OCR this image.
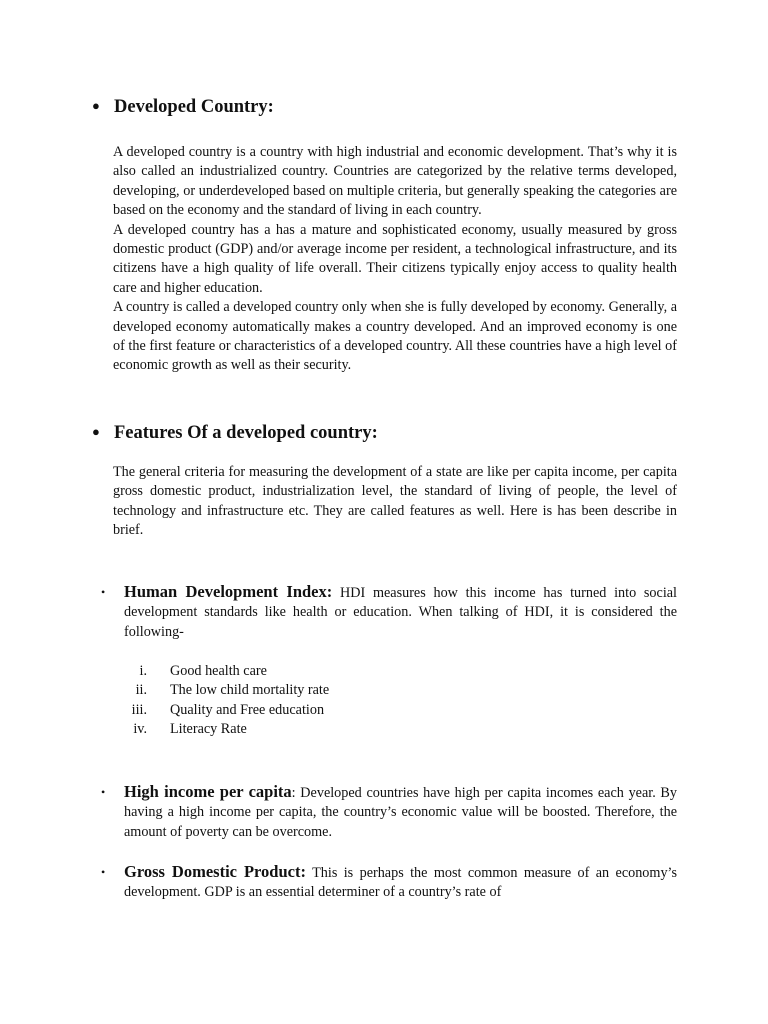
● Developed Country:

A developed country is a country with high industrial and economic development. That’s why it is also called an industrialized country. Countries are categorized by the relative terms developed, developing, or underdeveloped based on multiple criteria, but generally speaking the categories are based on the economy and the standard of living in each country.

A developed country has a has a mature and sophisticated economy, usually measured by gross domestic product (GDP) and/or average income per resident, a technological infrastructure, and its citizens have a high quality of life overall. Their citizens typically enjoy access to quality health care and higher education.

A country is called a developed country only when she is fully developed by economy. Generally, a developed economy automatically makes a country developed. And an improved economy is one of the first feature or characteristics of a developed country. All these countries have a high level of economic growth as well as their security.

● Features Of a developed country:

The general criteria for measuring the development of a state are like per capita income, per capita gross domestic product, industrialization level, the standard of living of people, the level of technology and infrastructure etc. They are called features as well. Here is has been describe in brief.

• Human Development Index: HDI measures how this income has turned into social development standards like health or education. When talking of HDI, it is considered the following-
i. Good health care
ii. The low child mortality rate
iii. Quality and Free education
iv. Literacy Rate
• High income per capita: Developed countries have high per capita incomes each year. By having a high income per capita, the country’s economic value will be boosted. Therefore, the amount of poverty can be overcome.
• Gross Domestic Product: This is perhaps the most common measure of an economy’s development. GDP is an essential determiner of a country’s rate of
